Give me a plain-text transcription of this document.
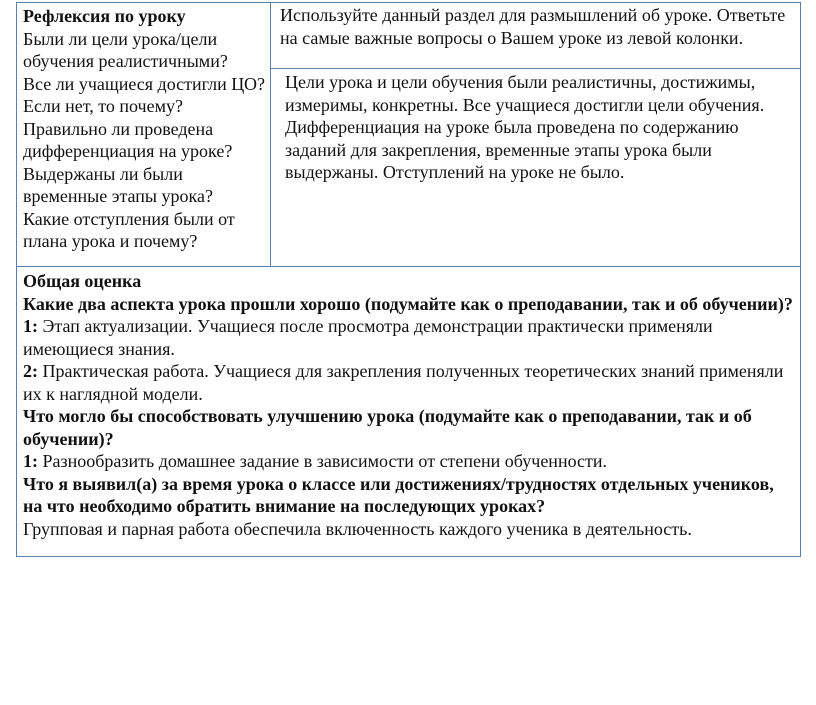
Рефлексия по уроку

Были ли цели урока/цели обучения реалистичными?

Все ли учащиеся достигли ЦО?

Если нет, то почему?

Правильно ли проведена дифференциация на уроке?

Выдержаны ли были временные этапы урока?

Какие отступления были от плана урока и почему?

Используйте данный раздел для размышлений об уроке. Ответьте на самые важные вопросы о Вашем уроке из левой колонки.

Цели урока и цели обучения были реалистичны, достижимы, измеримы, конкретны. Все учащиеся достигли цели обучения. Дифференциация на уроке была проведена по содержанию заданий для закрепления, временные этапы урока были выдержаны. Отступлений на уроке не было.

Общая оценка

Какие два аспекта урока прошли хорошо (подумайте как о преподавании, так и об обучении)?

1: Этап актуализации. Учащиеся после просмотра демонстрации практически применяли имеющиеся знания.

2: Практическая работа. Учащиеся для закрепления полученных теоретических знаний применяли их к наглядной модели.

Что могло бы способствовать улучшению урока (подумайте как о преподавании, так и об обучении)?

1: Разнообразить домашнее задание в зависимости от степени обученности.

Что я выявил(а) за время урока о классе или достижениях/трудностях отдельных учеников, на что необходимо обратить внимание на последующих уроках?

Групповая и парная работа обеспечила включенность каждого ученика в деятельность.
